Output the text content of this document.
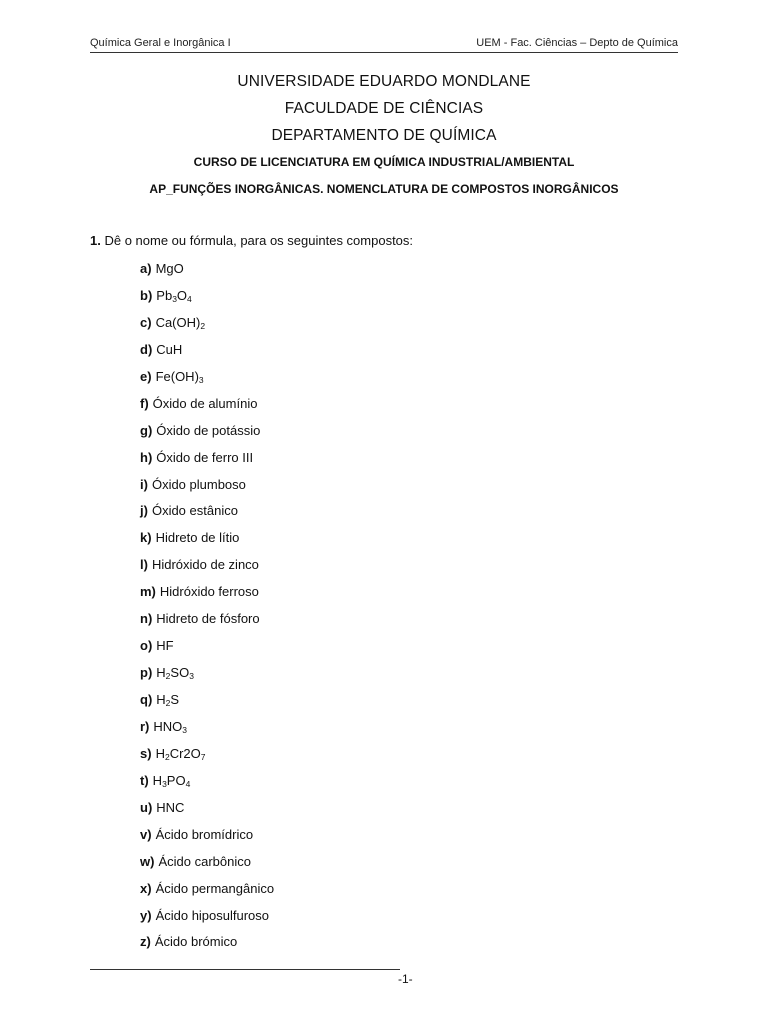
Química Geral e Inorgânica I	UEM - Fac. Ciências – Depto de Química

UNIVERSIDADE EDUARDO MONDLANE

FACULDADE DE CIÊNCIAS

DEPARTAMENTO DE QUÍMICA

CURSO DE LICENCIATURA EM QUÍMICA INDUSTRIAL/AMBIENTAL

AP_FUNÇÕES INORGÂNICAS. NOMENCLATURA DE COMPOSTOS INORGÂNICOS

1. Dê o nome ou fórmula, para os seguintes compostos:
a) MgO
b) $Pb_3O_4$
c) $Ca(OH)_2$
d) CuH
e) $Fe(OH)_3$
f) Óxido de alumínio
g) Óxido de potássio
h) Óxido de ferro III
i) Óxido plumboso
j) Óxido estânico
k) Hidreto de lítio
l) Hidróxido de zinco
m) Hidróxido ferroso
n) Hidreto de fósforo
o) HF
p) $H_2SO_3$
q) $H_2S$
r) $HNO_3$
s) $H_2Cr2O_7$
t) $H_3PO_4$
u) HNC
v) Ácido bromídrico
w) Ácido carbônico
x) Ácido permangânico
y) Ácido hiposulfuroso
z) Ácido brómico
-1-
